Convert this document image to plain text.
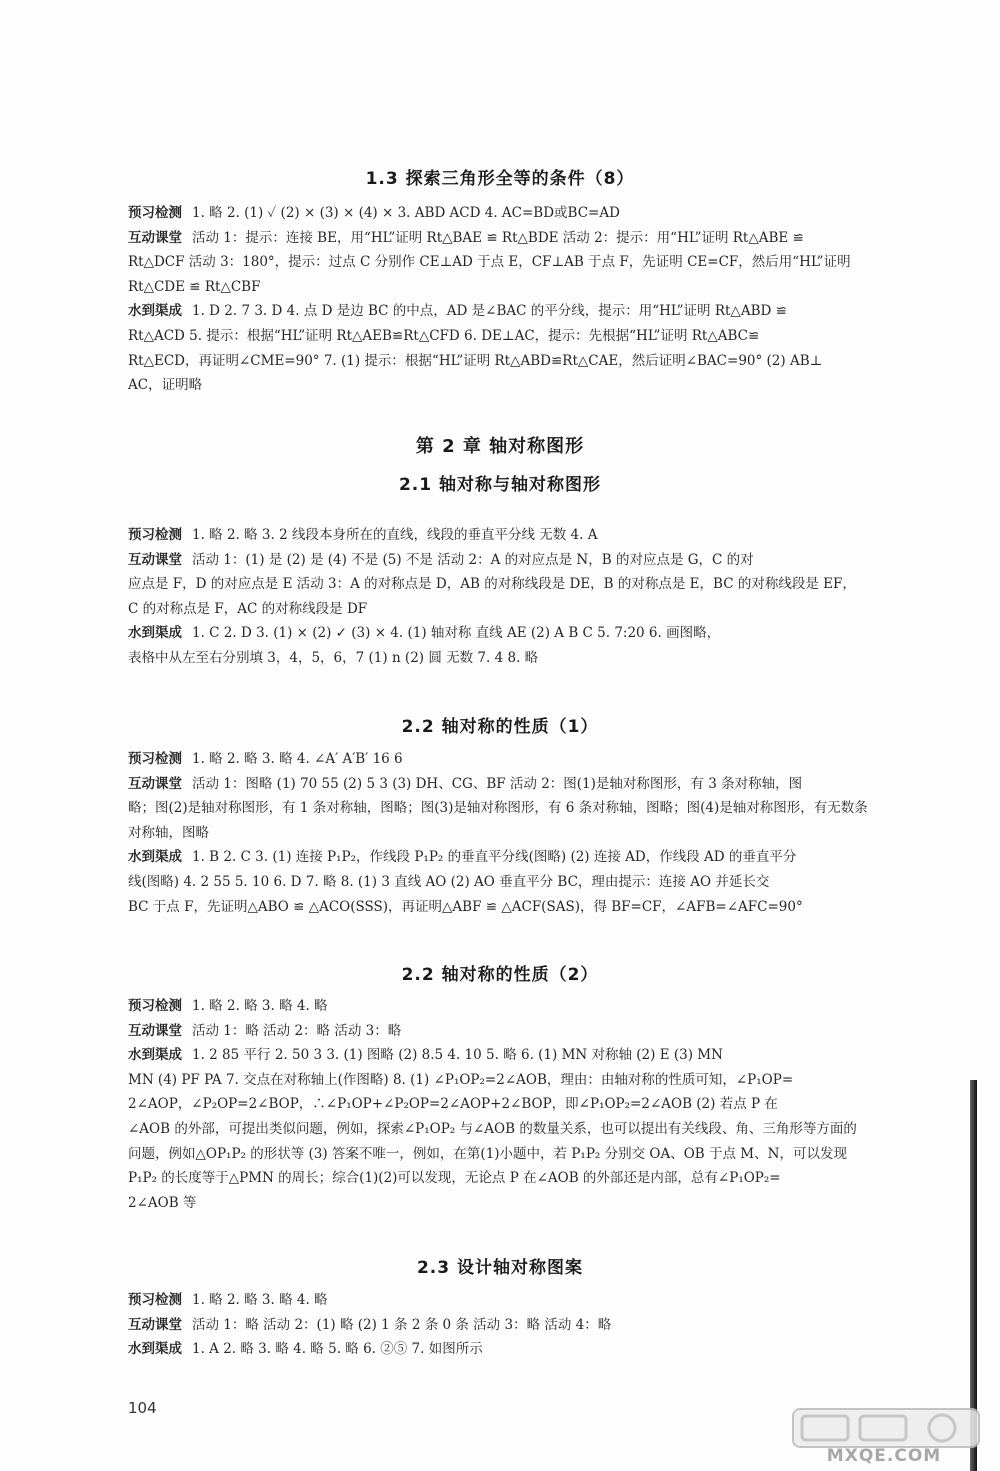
1.3 探索三角形全等的条件（8）
预习检测 1. 略 2. (1) ✓ (2) × (3) × (4) × 3. ABD ACD 4. AC=BD或BC=AD
互动课堂 活动 1：提示：连接 BE，用“HL”证明 Rt△BAE ≌ Rt△BDE 活动 2：提示：用“HL”证明 Rt△ABE ≌
Rt△DCF 活动 3：180°，提示：过点 C 分别作 CE⊥AD 于点 E，CF⊥AB 于点 F，先证明 CE=CF，然后用“HL”证明
Rt△CDE ≌ Rt△CBF
水到渠成 1. D 2. 7 3. D 4. 点 D 是边 BC 的中点，AD 是∠BAC 的平分线，提示：用“HL”证明 Rt△ABD ≌
Rt△ACD 5. 提示：根据“HL”证明 Rt△AEB≌Rt△CFD 6. DE⊥AC，提示：先根据“HL”证明 Rt△ABC≌
Rt△ECD，再证明∠CME=90° 7. (1) 提示：根据“HL”证明 Rt△ABD≌Rt△CAE，然后证明∠BAC=90° (2) AB⊥
AC，证明略
第 2 章 轴对称图形
2.1 轴对称与轴对称图形
预习检测 1. 略 2. 略 3. 2 线段本身所在的直线，线段的垂直平分线 无数 4. A
互动课堂 活动 1：(1) 是 (2) 是 (4) 不是 (5) 不是 活动 2：A 的对应点是 N，B 的对应点是 G，C 的对
应点是 F，D 的对应点是 E 活动 3：A 的对称点是 D，AB 的对称线段是 DE，B 的对称点是 E，BC 的对称线段是 EF，
C 的对称点是 F，AC 的对称线段是 DF
水到渠成 1. C 2. D 3. (1) × (2) ✓ (3) × 4. (1) 轴对称 直线 AE (2) A B C 5. 7:20 6. 画图略，
表格中从左至右分别填 3，4，5，6，7 (1) n (2) 圆 无数 7. 4 8. 略
2.2 轴对称的性质（1）
预习检测 1. 略 2. 略 3. 略 4. ∠A′ A′B′ 16 6
互动课堂 活动 1：图略 (1) 70 55 (2) 5 3 (3) DH、CG、BF 活动 2：图(1)是轴对称图形，有 3 条对称轴，图
略；图(2)是轴对称图形，有 1 条对称轴，图略；图(3)是轴对称图形，有 6 条对称轴，图略；图(4)是轴对称图形，有无数条
对称轴，图略
水到渠成 1. B 2. C 3. (1) 连接 P₁P₂，作线段 P₁P₂ 的垂直平分线(图略) (2) 连接 AD，作线段 AD 的垂直平分
线(图略) 4. 2 55 5. 10 6. D 7. 略 8. (1) 3 直线 AO (2) AO 垂直平分 BC，理由提示：连接 AO 并延长交
BC 于点 F，先证明△ABO ≌ △ACO(SSS)，再证明△ABF ≌ △ACF(SAS)，得 BF=CF，∠AFB=∠AFC=90°
2.2 轴对称的性质（2）
预习检测 1. 略 2. 略 3. 略 4. 略
互动课堂 活动 1：略 活动 2：略 活动 3：略
水到渠成 1. 2 85 平行 2. 50 3 3. (1) 图略 (2) 8.5 4. 10 5. 略 6. (1) MN 对称轴 (2) E (3) MN
MN (4) PF PA 7. 交点在对称轴上(作图略) 8. (1) ∠P₁OP₂=2∠AOB，理由：由轴对称的性质可知，∠P₁OP=
2∠AOP，∠P₂OP=2∠BOP，∴∠P₁OP+∠P₂OP=2∠AOP+2∠BOP，即∠P₁OP₂=2∠AOB (2) 若点 P 在
∠AOB 的外部，可提出类似问题，例如，探索∠P₁OP₂ 与∠AOB 的数量关系，也可以提出有关线段、角、三角形等方面的
问题，例如△OP₁P₂ 的形状等 (3) 答案不唯一，例如，在第(1)小题中，若 P₁P₂ 分别交 OA、OB 于点 M、N，可以发现
P₁P₂ 的长度等于△PMN 的周长；综合(1)(2)可以发现，无论点 P 在∠AOB 的外部还是内部，总有∠P₁OP₂=
2∠AOB 等
2.3 设计轴对称图案
预习检测 1. 略 2. 略 3. 略 4. 略
互动课堂 活动 1：略 活动 2：(1) 略 (2) 1 条 2 条 0 条 活动 3：略 活动 4：略
水到渠成 1. A 2. 略 3. 略 4. 略 5. 略 6. ②⑤ 7. 如图所示
104
MXQE.COM
